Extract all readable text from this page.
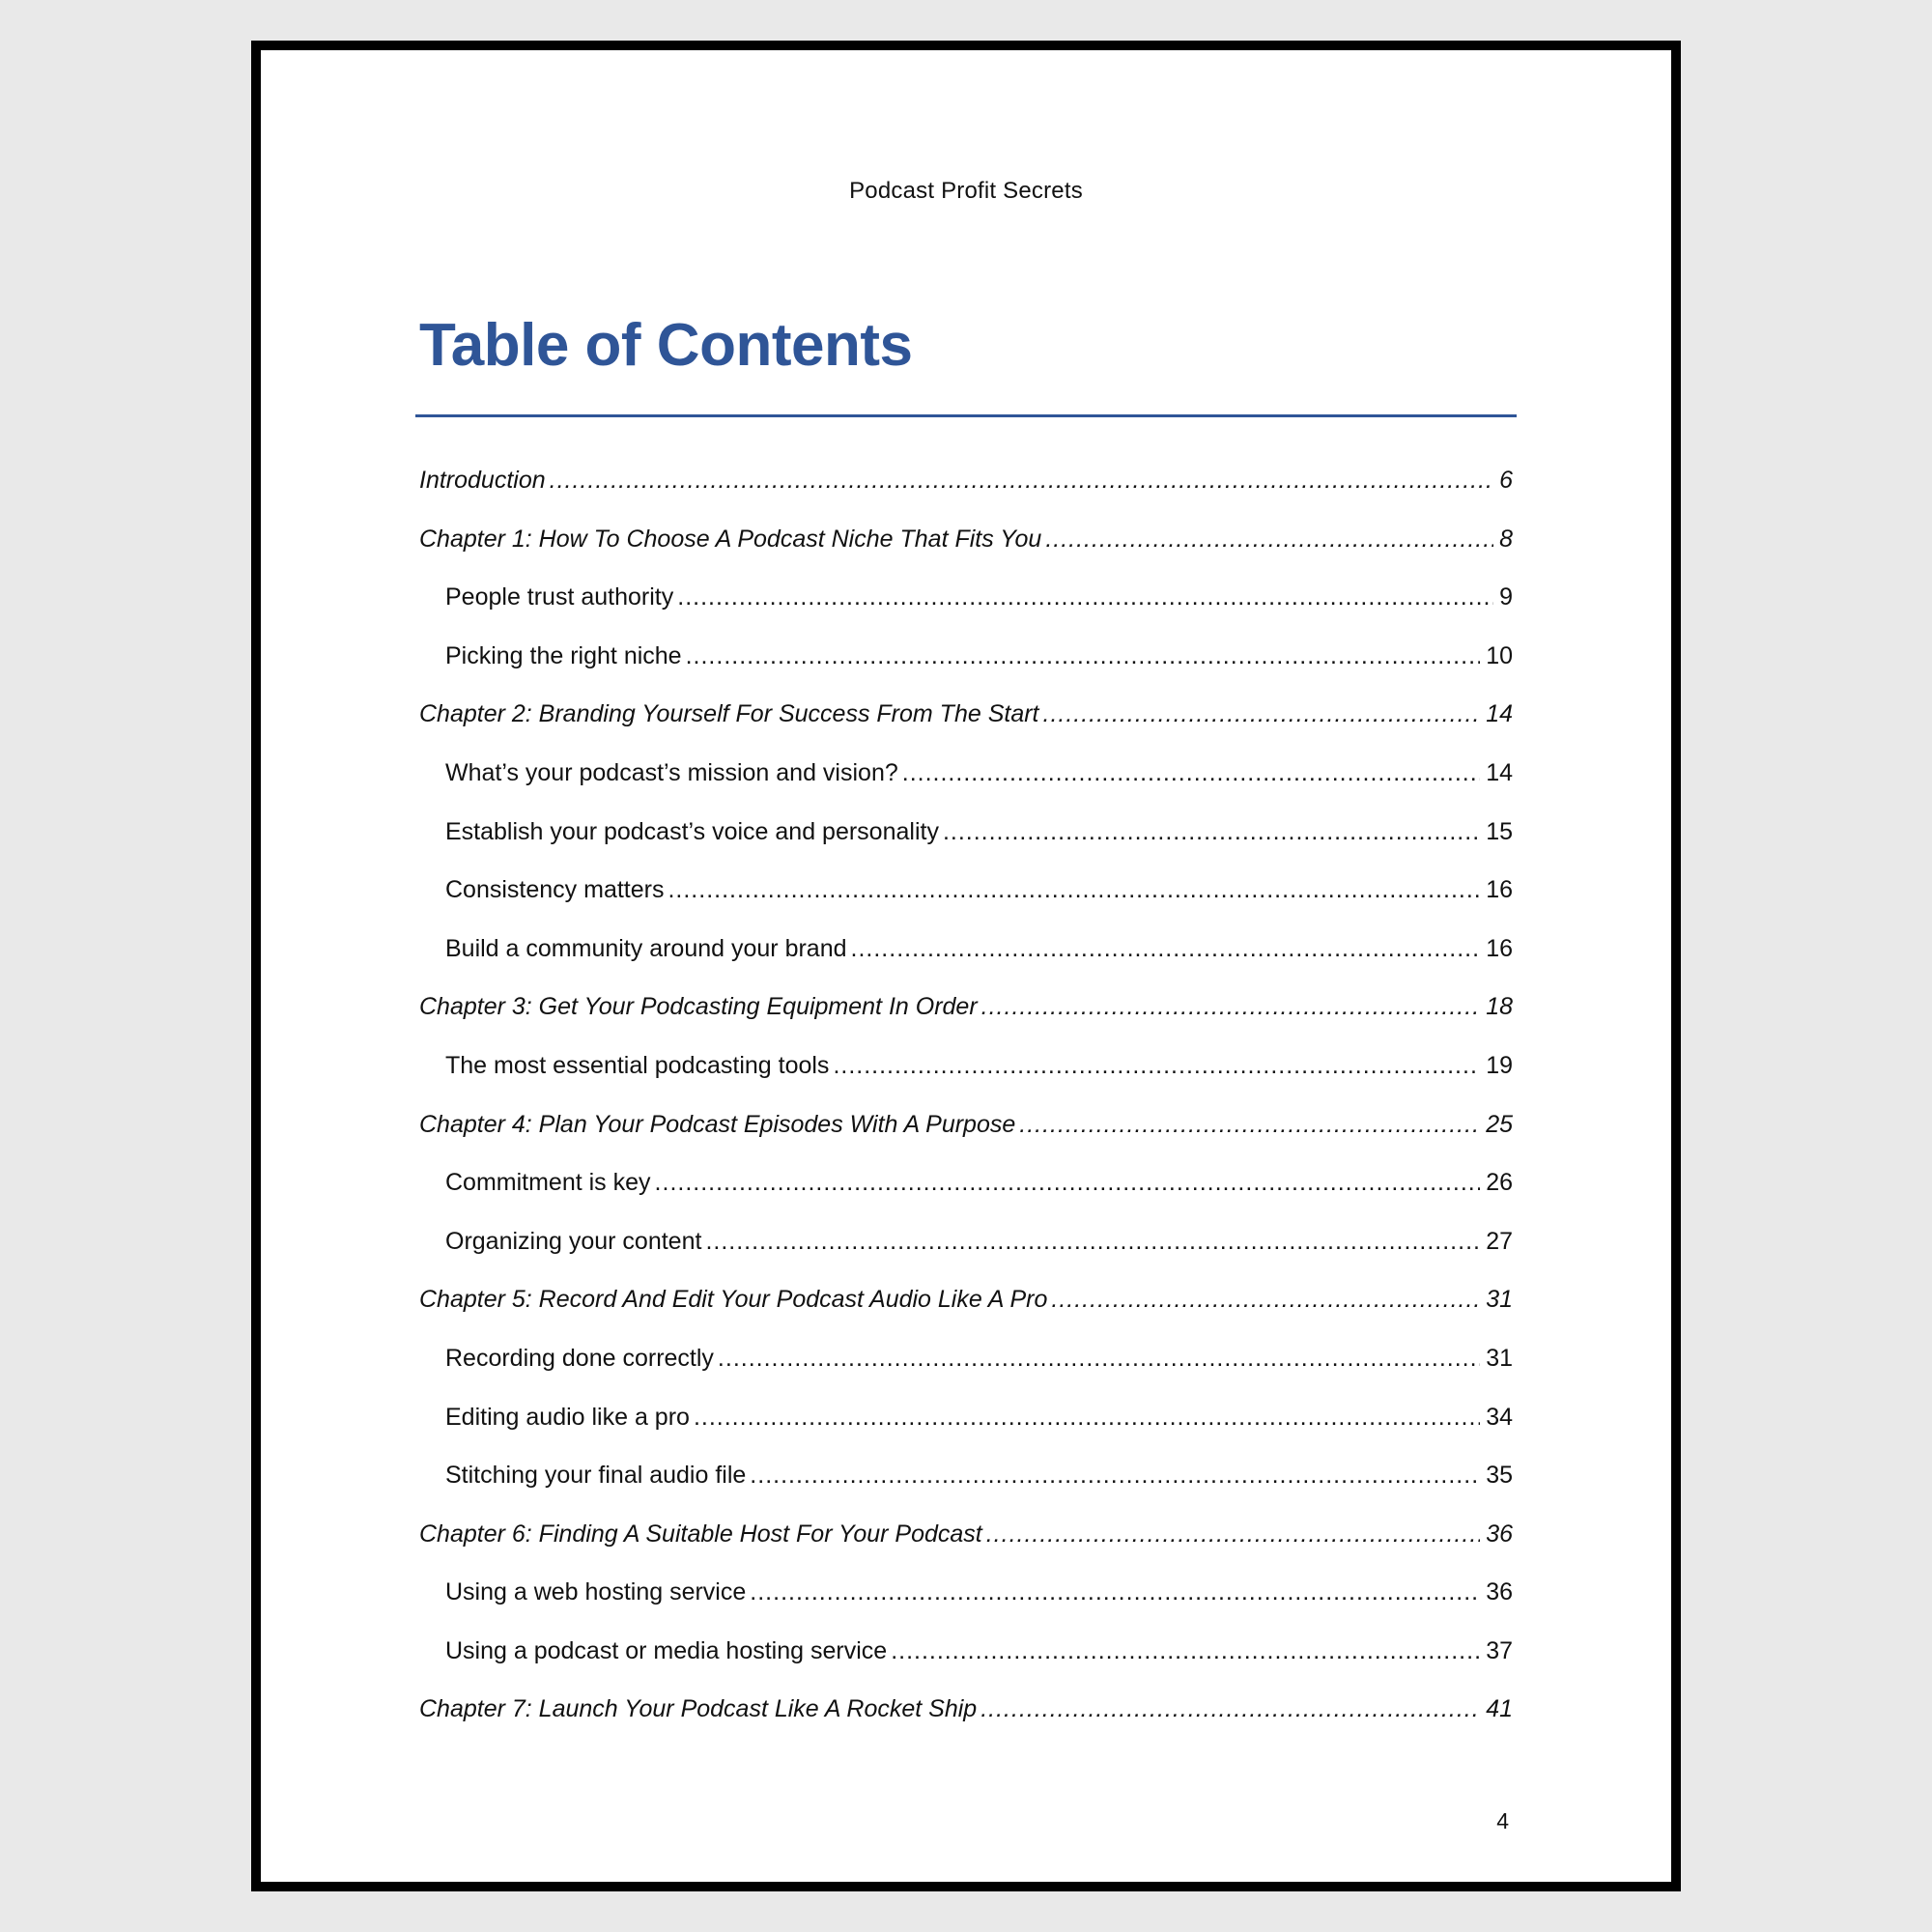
Podcast Profit Secrets
Table of Contents
Introduction .....	6
Chapter 1: How To Choose A Podcast Niche That Fits You .....	8
People trust authority .....	9
Picking the right niche .....	10
Chapter 2: Branding Yourself For Success From The Start .....	14
What’s your podcast’s mission and vision? .....	14
Establish your podcast’s voice and personality .....	15
Consistency matters .....	16
Build a community around your brand .....	16
Chapter 3: Get Your Podcasting Equipment In Order .....	18
The most essential podcasting tools .....	19
Chapter 4: Plan Your Podcast Episodes With A Purpose .....	25
Commitment is key .....	26
Organizing your content .....	27
Chapter 5: Record And Edit Your Podcast Audio Like A Pro .....	31
Recording done correctly .....	31
Editing audio like a pro .....	34
Stitching your final audio file .....	35
Chapter 6: Finding A Suitable Host For Your Podcast .....	36
Using a web hosting service .....	36
Using a podcast or media hosting service .....	37
Chapter 7: Launch Your Podcast Like A Rocket Ship .....	41
4
